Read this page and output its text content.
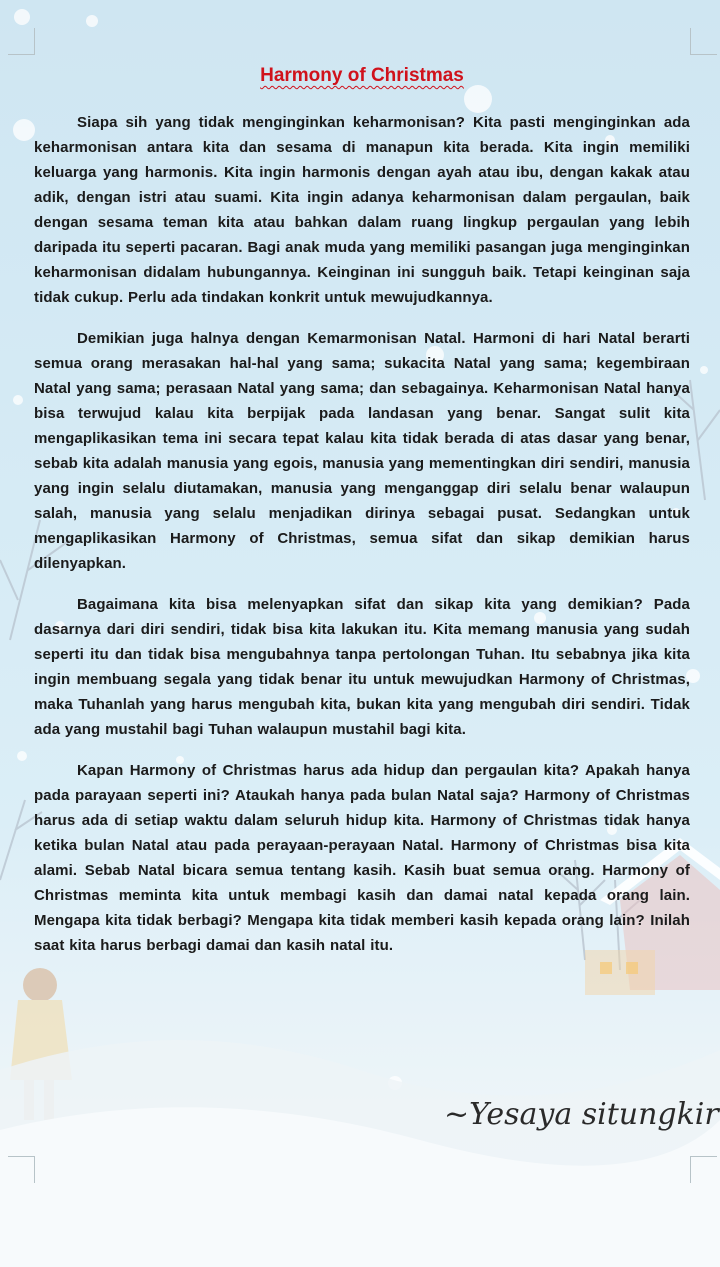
Harmony of Christmas

Siapa sih yang tidak menginginkan keharmonisan? Kita pasti menginginkan ada keharmonisan antara kita dan sesama di manapun kita berada. Kita ingin memiliki keluarga yang harmonis. Kita ingin harmonis dengan ayah atau ibu, dengan kakak atau adik, dengan istri atau suami. Kita ingin adanya keharmonisan dalam pergaulan, baik dengan sesama teman kita atau bahkan dalam ruang lingkup pergaulan yang lebih daripada itu seperti pacaran. Bagi anak muda yang memiliki pasangan juga menginginkan keharmonisan didalam hubungannya. Keinginan ini sungguh baik. Tetapi keinginan saja tidak cukup. Perlu ada tindakan konkrit untuk mewujudkannya.

Demikian juga halnya dengan Kemarmonisan Natal. Harmoni di hari Natal berarti semua orang merasakan hal-hal yang sama; sukacita Natal yang sama; kegembiraan Natal yang sama; perasaan Natal yang sama; dan sebagainya. Keharmonisan Natal hanya bisa terwujud kalau kita berpijak pada landasan yang benar. Sangat sulit kita mengaplikasikan tema ini secara tepat kalau kita tidak berada di atas dasar yang benar, sebab kita adalah manusia yang egois, manusia yang mementingkan diri sendiri, manusia yang ingin selalu diutamakan, manusia yang menganggap diri selalu benar walaupun salah, manusia yang selalu menjadikan dirinya sebagai pusat. Sedangkan untuk mengaplikasikan Harmony of Christmas, semua sifat dan sikap demikian harus dilenyapkan.

Bagaimana kita bisa melenyapkan sifat dan sikap kita yang demikian? Pada dasarnya dari diri sendiri, tidak bisa kita lakukan itu. Kita memang manusia yang sudah seperti itu dan tidak bisa mengubahnya tanpa pertolongan Tuhan. Itu sebabnya jika kita ingin membuang segala yang tidak benar itu untuk mewujudkan Harmony of Christmas, maka Tuhanlah yang harus mengubah kita, bukan kita yang mengubah diri sendiri. Tidak ada yang mustahil bagi Tuhan walaupun mustahil bagi kita.

Kapan Harmony of Christmas harus ada hidup dan pergaulan kita? Apakah hanya pada parayaan seperti ini? Ataukah hanya pada bulan Natal saja? Harmony of Christmas harus ada di setiap waktu dalam seluruh hidup kita. Harmony of Christmas tidak hanya ketika bulan Natal atau pada perayaan-perayaan Natal. Harmony of Christmas bisa kita alami. Sebab Natal bicara semua tentang kasih. Kasih buat semua orang. Harmony of Christmas meminta kita untuk membagi kasih dan damai natal kepada orang lain. Mengapa kita tidak berbagi? Mengapa kita tidak memberi kasih kepada orang lain? Inilah saat kita harus berbagi damai dan kasih natal itu.

~Yesaya situngkir
